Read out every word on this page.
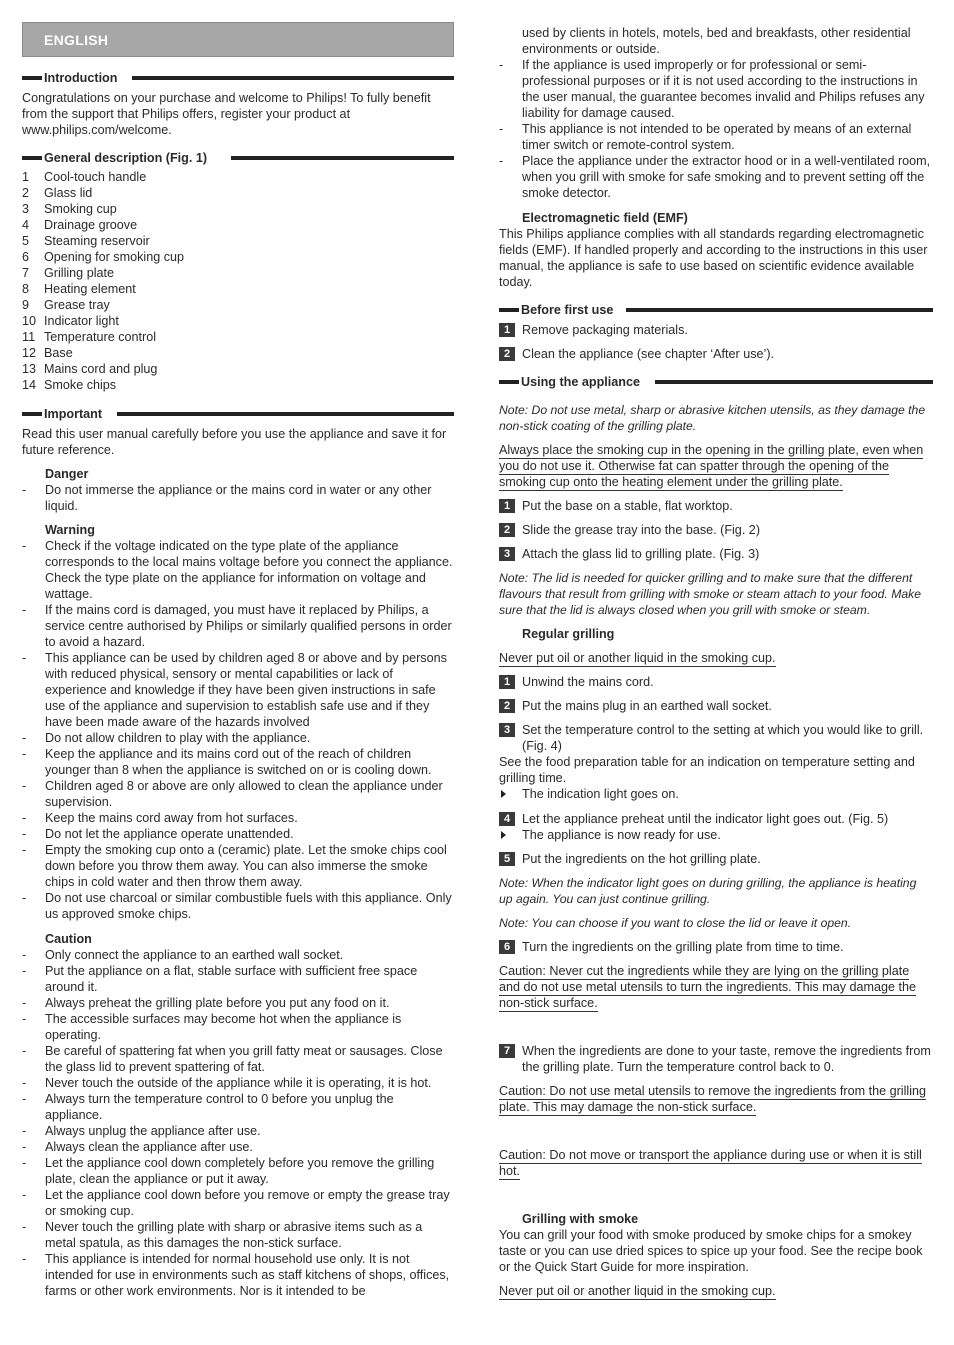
ENGLISH
Introduction

Congratulations on your purchase and welcome to Philips! To fully benefit from the support that Philips offers, register your product at www.philips.com/welcome.

General description (Fig. 1)
1 Cool-touch handle
2 Glass lid
3 Smoking cup
4 Drainage groove
5 Steaming reservoir
6 Opening for smoking cup
7 Grilling plate
8 Heating element
9 Grease tray
10 Indicator light
11 Temperature control
12 Base
13 Mains cord and plug
14 Smoke chips
Important

Read this user manual carefully before you use the appliance and save it for future reference.

Danger
- Do not immerse the appliance or the mains cord in water or any other liquid.
Warning
- Check if the voltage indicated on the type plate of the appliance corresponds to the local mains voltage before you connect the appliance. Check the type plate on the appliance for information on voltage and wattage.
- If the mains cord is damaged, you must have it replaced by Philips, a service centre authorised by Philips or similarly qualified persons in order to avoid a hazard.
- This appliance can be used by children aged 8 or above and by persons with reduced physical, sensory or mental capabilities or lack of experience and knowledge if they have been given instructions in safe use of the appliance and supervision to establish safe use and if they have been made aware of the hazards involved
- Do not allow children to play with the appliance.
- Keep the appliance and its mains cord out of the reach of children younger than 8 when the appliance is switched on or is cooling down.
- Children aged 8 or above are only allowed to clean the appliance under supervision.
- Keep the mains cord away from hot surfaces.
- Do not let the appliance operate unattended.
- Empty the smoking cup onto a (ceramic) plate. Let the smoke chips cool down before you throw them away. You can also immerse the smoke chips in cold water and then throw them away.
- Do not use charcoal or similar combustible fuels with this appliance. Only us approved smoke chips.
Caution
- Only connect the appliance to an earthed wall socket.
- Put the appliance on a flat, stable surface with sufficient free space around it.
- Always preheat the grilling plate before you put any food on it.
- The accessible surfaces may become hot when the appliance is operating.
- Be careful of spattering fat when you grill fatty meat or sausages. Close the glass lid to prevent spattering of fat.
- Never touch the outside of the appliance while it is operating, it is hot.
- Always turn the temperature control to 0 before you unplug the appliance.
- Always unplug the appliance after use.
- Always clean the appliance after use.
- Let the appliance cool down completely before you remove the grilling plate, clean the appliance or put it away.
- Let the appliance cool down before you remove or empty the grease tray or smoking cup.
- Never touch the grilling plate with sharp or abrasive items such as a metal spatula, as this damages the non-stick surface.
- This appliance is intended for normal household use only. It is not intended for use in environments such as staff kitchens of shops, offices, farms or other work environments. Nor is it intended to be

used by clients in hotels, motels, bed and breakfasts, other residential environments or outside.

- If the appliance is used improperly or for professional or semi-professional purposes or if it is not used according to the instructions in the user manual, the guarantee becomes invalid and Philips refuses any liability for damage caused.
- This appliance is not intended to be operated by means of an external timer switch or remote-control system.
- Place the appliance under the extractor hood or in a well-ventilated room, when you grill with smoke for safe smoking and to prevent setting off the smoke detector.
Electromagnetic field (EMF)

This Philips appliance complies with all standards regarding electromagnetic fields (EMF). If handled properly and according to the instructions in this user manual, the appliance is safe to use based on scientific evidence available today.

Before first use
1 Remove packaging materials.
2 Clean the appliance (see chapter ‘After use’).
Using the appliance

Note: Do not use metal, sharp or abrasive kitchen utensils, as they damage the non-stick coating of the grilling plate.

Always place the smoking cup in the opening in the grilling plate, even when you do not use it. Otherwise fat can spatter through the opening of the smoking cup onto the heating element under the grilling plate.

1 Put the base on a stable, flat worktop.
2 Slide the grease tray into the base. (Fig. 2)
3 Attach the glass lid to grilling plate. (Fig. 3)

Note: The lid is needed for quicker grilling and to make sure that the different flavours that result from grilling with smoke or steam attach to your food. Make sure that the lid is always closed when you grill with smoke or steam.

Regular grilling

Never put oil or another liquid in the smoking cup.

1 Unwind the mains cord.
2 Put the mains plug in an earthed wall socket.
3 Set the temperature control to the setting at which you would like to grill. (Fig. 4)

See the food preparation table for an indication on temperature setting and grilling time.

The indication light goes on.
4 Let the appliance preheat until the indicator light goes out. (Fig. 5)
The appliance is now ready for use.
5 Put the ingredients on the hot grilling plate.

Note: When the indicator light goes on during grilling, the appliance is heating up again. You can just continue grilling.

Note: You can choose if you want to close the lid or leave it open.

6 Turn the ingredients on the grilling plate from time to time.

Caution: Never cut the ingredients while they are lying on the grilling plate and do not use metal utensils to turn the ingredients. This may damage the non-stick surface.

7 When the ingredients are done to your taste, remove the ingredients from the grilling plate. Turn the temperature control back to 0.

Caution: Do not use metal utensils to remove the ingredients from the grilling plate. This may damage the non-stick surface.

Caution: Do not move or transport the appliance during use or when it is still hot.

Grilling with smoke

You can grill your food with smoke produced by smoke chips for a smokey taste or you can use dried spices to spice up your food. See the recipe book or the Quick Start Guide for more inspiration.

Never put oil or another liquid in the smoking cup.
